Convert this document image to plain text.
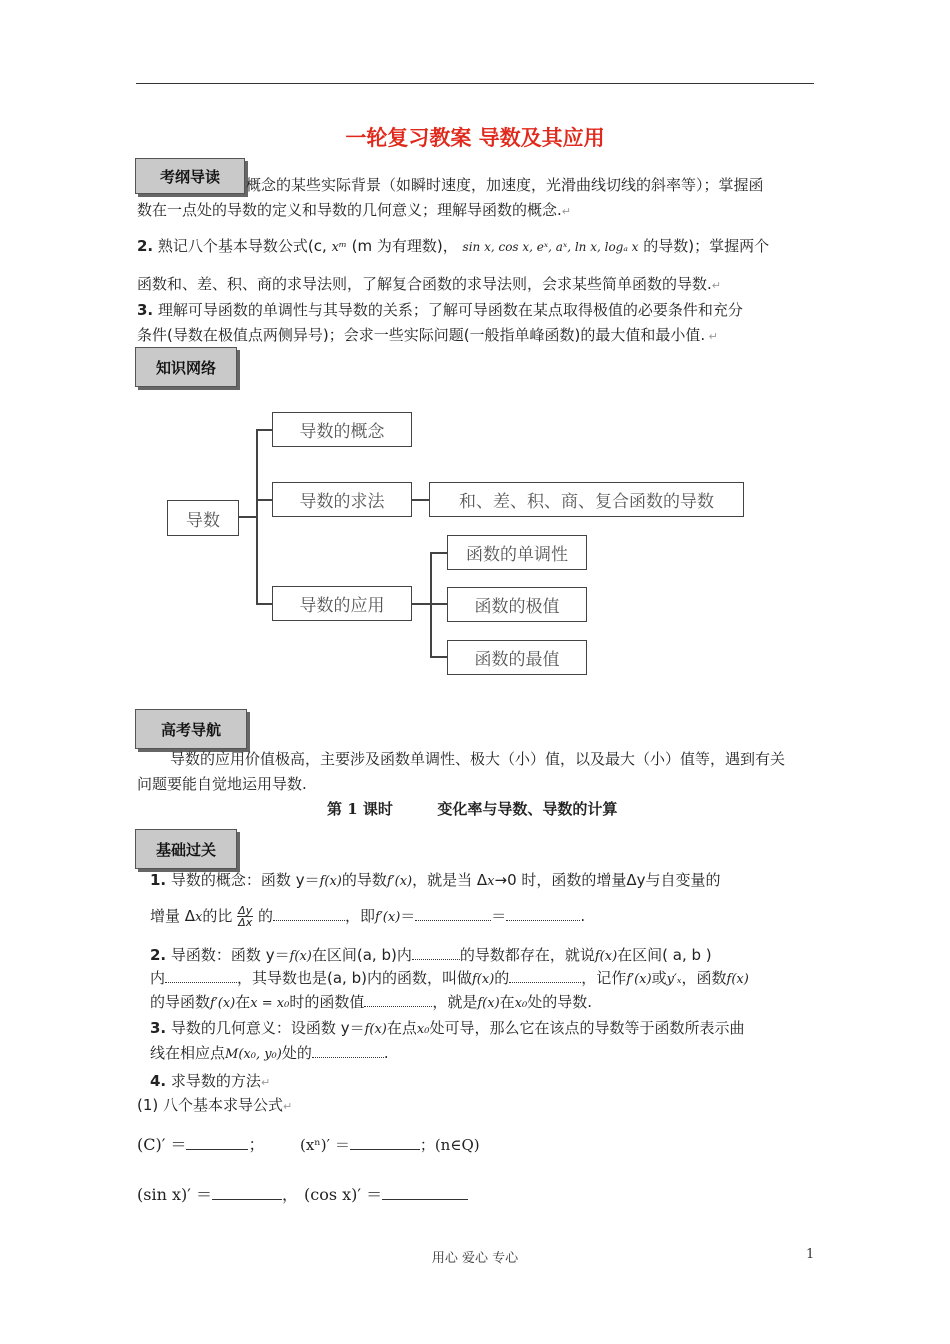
一轮复习教案 导数及其应用
考纲导读 概念的某些实际背景（如瞬时速度，加速度，光滑曲线切线的斜率等）；掌握函
数在一点处的导数的定义和导数的几何意义；理解导函数的概念.↵
2. 熟记八个基本导数公式(c, xᵐ (m 为有理数)， sin x, cos x, eˣ, aˣ, ln x, logₐ x 的导数)；掌握两个
函数和、差、积、商的求导法则，了解复合函数的求导法则，会求某些简单函数的导数.↵
3. 理解可导函数的单调性与其导数的关系；了解可导函数在某点取得极值的必要条件和充分
条件(导数在极值点两侧异号)；会求一些实际问题(一般指单峰函数)的最大值和最小值. ↵
知识网络
导数
导数的概念
导数的求法	和、差、积、商、复合函数的导数
导数的应用
函数的单调性
函数的极值
函数的最值
高考导航
导数的应用价值极高，主要涉及函数单调性、极大（小）值，以及最大（小）值等，遇到有关
问题要能自觉地运用导数.
第 1 课时	变化率与导数、导数的计算
基础过关
1. 导数的概念：函数 y＝f(x)的导数f′(x)，就是当 Δx→0 时，函数的增量Δy与自变量的
增量 Δx的比 $\frac{\Delta y}{\Delta x}$ 的	，即f′(x)＝	＝	.
2. 导函数：函数 y＝f(x)在区间(a, b)内	的导数都存在，就说f(x)在区间( a, b )
内	，其导数也是(a, b)内的函数，叫做f(x)的	，记作f′(x)或y′ₓ，函数f(x)
的导函数f′(x)在x = x₀时的函数值	，就是f(x)在x₀处的导数.
3. 导数的几何意义：设函数 y＝f(x)在点x₀处可导，那么它在该点的导数等于函数所表示曲
线在相应点M(x₀, y₀)处的	.
4. 求导数的方法↵
(1) 八个基本求导公式↵
(C)′ ＝	； (xⁿ)′ ＝	；(n∈Q)
(sin x)′ ＝	， (cos x)′ ＝
用心 爱心 专心	1
